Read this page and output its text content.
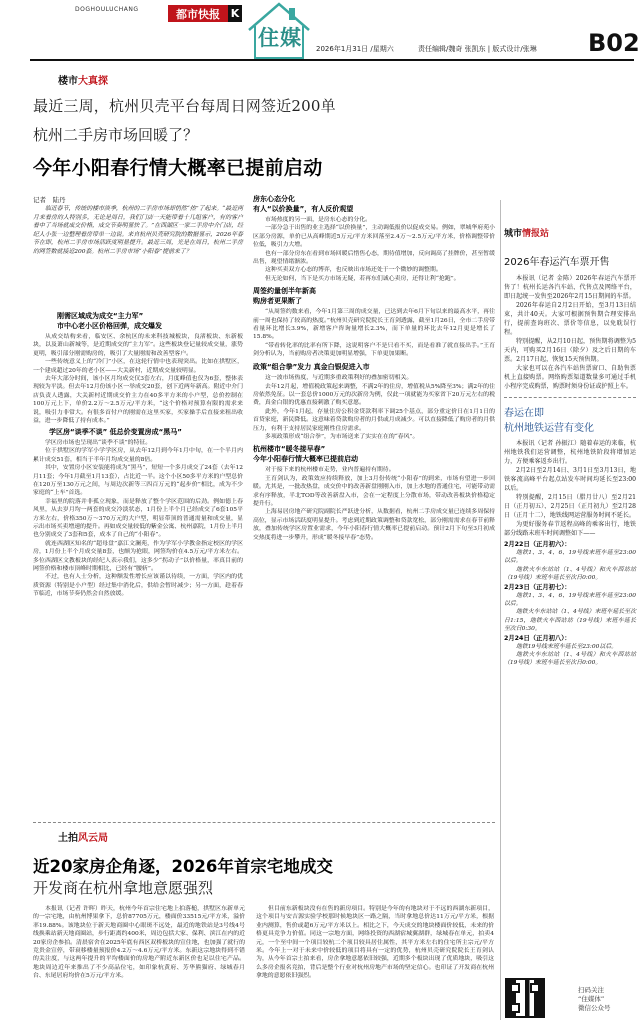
DOGHOULUCHANG	都市快报 K
住媒 2026年1月31日 /星期六	责任编辑/魏奇 张凯东 | 版式设计/张琳 B02
楼市大真探
最近三周，杭州贝壳平台每周日网签近200单
杭州二手房市场回暖了？
今年小阳春行情大概率已提前启动
记者　陆丹
临近春节，传统的楼市淡季，杭州的二手房市场却悄然“热”了起来。“最近两月来看房的人特别多，无论是周日，我们门店一天能带看十几组客户，有的客户看中了当场就成交价格，成交节奏明显快了。”在西湖区一家二手房中介门店，经纪人小张一边整理看房带单一边说。来自杭州贝壳研究院的数据显示，2026年春节在即，杭州二手房市场活跃度明显提升。最近三周，光是在周日，杭州二手房的网签数就接近200套。杭州二手房市场“小阳春”提前来了？
刚需区域成为成交“主力军”
市中心老小区价格回弹，成交爆发

从成交结构来看，临安区、余杭区的未来科技城板块，良渚板块、东新板块，以及萧山新城等，是近期成交的“主力军”。这些板块登记量较成交量，涨势更明，吸引部分刚需购房的，吸引了大量刚需和改善型客户。

一些传统意义上的“冷门”小区，在这轮行情中也表现突出。比如在拱墅区，一个建成超过20年的老小区——大关新村，近期成交量较明显。

去年大部分时间，该小区月均成交仅3套左右，月度峰值也仅为6套，整体表现较为平淡。但去年12月份该小区一举成交20套，创下近两年新高。附近中介门店负责人透露，大关新村近期成交价主力在40多平方米的小户型，总价控制在100万元上下，单价2.2万～2.5万元/平方米，“这个价格对预算有限的需求来说，吸引力非常大。有很多首付户的刚需在这里买家，买家操手后直接来租出收益，进一步降低了持有成本。”

学区房“谈季不谈” 低总价变置房成“黑马”

学区房市场也呈现出“谈季不谈”的特征。

位于拱墅区的学军小学学区房，从去年12月到今年1月中旬，在一个半月内累计成交51套，相当于半年月均成交量的8倍。

其中，安置房小区安装能将成为“黑马”，短短一个多月成交了24套（去年12月11套；今年1月截至1月13套），占比近一半。这个小区50多平方米的户型总价在120万至130万元之间，与周边次新等三四百万元的“起步价”相比，成为不少家庭的“上车”首选。

幸福里的院落并非孤立现象，而是释放了整个学区范围的后劲。例如德上春风里，从去岁月均一两套的成交冷淡状态，1月份上半个月已经成交了6套105平方米左右，价格350万～370万元的大户型，明显带顶的普通需量和成交量，显示出市场买卖增速的提升。再如成交量较低的紫金公寓、杭州嘉院，1月份上半月也分别成交了3套和5套，成本了自己的“小阳春”。

就连西湖区知名的“超母盘”嘉江文澜苑，作为学军小学教金指定校区的学区房，1月份上半个月成交量8套，也颇为抢眼，网签均价在4.5万元/平方米左右。多位西湖区文教板块的经纪人表示我们，这多少“拐动子”以价格量，率真目前的网签价格和楼市顶峰时期相比，已经有“腰斩”。

不过，也有人士分析，这种额发性增长应该谨以待续，一方面，学区内的优质资源（特别是小户型）经过集中消化后，供给会暂时减少；另一方面，趁着春节临近，市场节奏仍然会自然放缓。

房东心态分化
有人“以价换量”，有人反价观望

市场热度的另一面，是房东心态的分化。

一部分急于出售的业主选择“以价换量”，主动调低报价以促成交易。例如，翠城华府苑小区部分房源，单价已从高峰期近5万元/平方米回落至2.4万～2.5万元/平方米，价格调整带价位低，吸引力大增。

也有一部分房东在看到市场回暖后惜售心态，期待值增加，反向调高了挂牌价，甚至暂缓出售，观望情绪渐浓。

这种买卖双方心态的博弈，也反映出市场还处于一个微妙的调整期。

但无论如何，当下是买方市场无疑，若再东们诚心卖房，还得让利“抢跑”。

周签约量创半年新高
购房者更果断了

“从周签约数来看，今年1月第三周的成交量，已达到去年6月下旬以来的最高水平，再往前一周也保持了较高的热度。”杭州贝壳研究院院长王育剑透露，截至1月26日，全市二手房带看量环比增长3.9%，新增客户咨询量增长2.3%，而下单量的环比去年12月更是增长了15.8%。

“带看转化率的比率有所下降，这说明客户不是只看不买，而是看准了就直接出手。”王育剑分析认为，当前购房者决策更加明显增强，下单更加果断。

政策“组合拳”发力 真金白银促进入市

这一波市场热度，与近期多重政策利好的叠加密切相关。

去年12月起，增值税政策起来调整，不满2年的住房，增值税从5%降至3%；满2年的住房依然免征。以一套总价1000万元的次新房为例，仅此一项就能为买家省下20万元左右的税费，真金白银的优惠直接刺激了购买意愿。

此外，今年1月起，存量住房公积金贷款利率下调25个基点，部分重定价日在1月1日的首贷家庭，新民降低。这意味着贷款购房者的月供或月成减少。可以直接降低了购房者的月供压力，有利于支持居民家庭刚性住房需求。

多项政策形成“组合拳”，为市场送来了实实在在的“春风”。

杭州楼市“暖冬接早春”
今年小阳春行情大概率已提前启动

对于接下来的杭州楼市走势，业内普遍持有期待。

王育剑认为，政策效应持续释放，加上3月份传统“小阳春”的到来，市场有望进一步回暖。尤其是，一批改热盘，成交价中的改善新盘刚刚入市，加上水地的普通住宅，可能带动需求有序释放，半北TOD等改善新盘入市，会在一定程度上分散市场，带动改善板块价格稳定提升行。

上海易居房地产研究院副院长严跃进分析，从数据看，杭州二手房成交量已连续多周保持高位，显示市场活跃度明显提升。考虑到近期政策调整和贷款宽松，部分刚需需求在春节前释放，叠加传统学区房置业需求，今年小阳春行情大概率已提前启动。预计2月下旬至3月初成交热度将进一步攀升，形成“暖冬接早春”态势。

城市情报站
2026年春运汽车票开售

本报讯（记者 金陈）2026年春运汽车票开售了！杭州长运各汽车站、代售点及网络平台，即日起统一发售至2026年2月15日期间的车票。

2026年春运自2月2日开始，至3月13日结束，共计40天。大家可根据预售期合理安排出行，提前查询班次、票价等信息，以免耽误行程。

特别提醒，从2月10日起，预售期将调整为5天内，可购买2月16日（除夕）及之后日期的车票。2月17日起，恢复15天预售期。

大家也可以在各汽车站售票窗口、自助售票机上直接购票。网络购票渠道数量多可通过手机小程序完成购票，购票时须身份证或护照上车。

春运在即
杭州地铁运营有变化

本报讯（记者 孙振江）随着春运的来临，杭州地铁我们运营调整，杭州地铁阶段将增加运力，方便乘客返乡出行。

2月2日至2月14日、3月1日至3月13日，地铁客流高峰平台起点站发车时间均延长至23:00以后。

特别提醒，2月15日（腊月廿八）至2月21日（正月初五）、2月25日（正月初九）至2月28日（正月十二），地铁线网运营服务时间不延长。

为更好服务春节返程高峰的乘客出行，地铁部分线路末班车时间调整如下——

2月22日（正月初六）：

地铁1、3、4、6、19号线末班车延至23:00以后。

地铁火车东站站（1、4号线）和火车西站站（19号线）末班车延长至次日0:00。

2月23日（正月初七）：

地铁1、3、4、6、19号线末班车延至23:00以后。

地铁火车东站站（1、4号线）末班车延长至次日1:15，地铁火车西站站（19号线）末班车延长至次日0:30。

2月24日（正月初八）：

地铁19号线末班车延长至23:00以后。

地铁火车东站站（1、4号线）和火车西站站（19号线）末班车延长至次日0:00。

扫码关注
“住媒体”
微信公众号
土拍风云局
近20家房企角逐，2026年首宗宅地成交
开发商在杭州拿地意愿强烈

本报讯（记者 许晖）昨天，杭州今年首宗住宅地上拍落槌，拱墅区东新单元的一宗宅地，由杭州博果拿下，总价87705万元，楼面价33515元/平方米，溢价率19.88%。该地块位于新天地商圈中心眼斑不远处，最近的地铁站是3号线4号线换乘站新天地商圈站，步行距离约400米，周边包括大家、保利、滨江在内的近20家房企参拍。清晨宿舍在2025年底有西区双桥板块的宣住地，也加强了就行的竞贵金宣停，带衰移楼量预报价4.2万～4.6万元/平方米。东新这宗地块得到不错的关注度，与这两年提升的平均楼面价的房地产附近东新区价也足以住宅产品。地块周边近年来推出了不少高品位宅，如印象杭黄府、芳华熊猫府、绿城春月台、东尾居府均价在5万元/平方米。

但目前东新板块没有在售的新房项目。特别是今年的有地块对于不远的西湖东新项目，这个项目与安吉源实验学校那时候地块区一路之隔，当时拿地总价达11万元/平方米，根据业内测算，售价或超6万元/平方米以上。相比之下，今天成交的地块楼面价较低，未来的价格更具竞争力价值。同这一宗地方面，网络投资的西湖宿城翼湖群，绿城春在单元，拍卖4元，一个至中间一个项目较杭二个项目较具居住属性，其平方米左右的住宅所主宗元/平方米。今年上一对于未来中价较低的项目将具有一定的优势，杭州贝壳研究院院长王育剑认为，从今年首宗土拍来看，房企拿地意愿依旧较强，近期多个板块出现了优质地块，吸引这么多房企报名竞拍，背后是整个行业对杭州房地产市场的坚定信心。也印证了开发商在杭州拿地的意愿依旧强烈。
